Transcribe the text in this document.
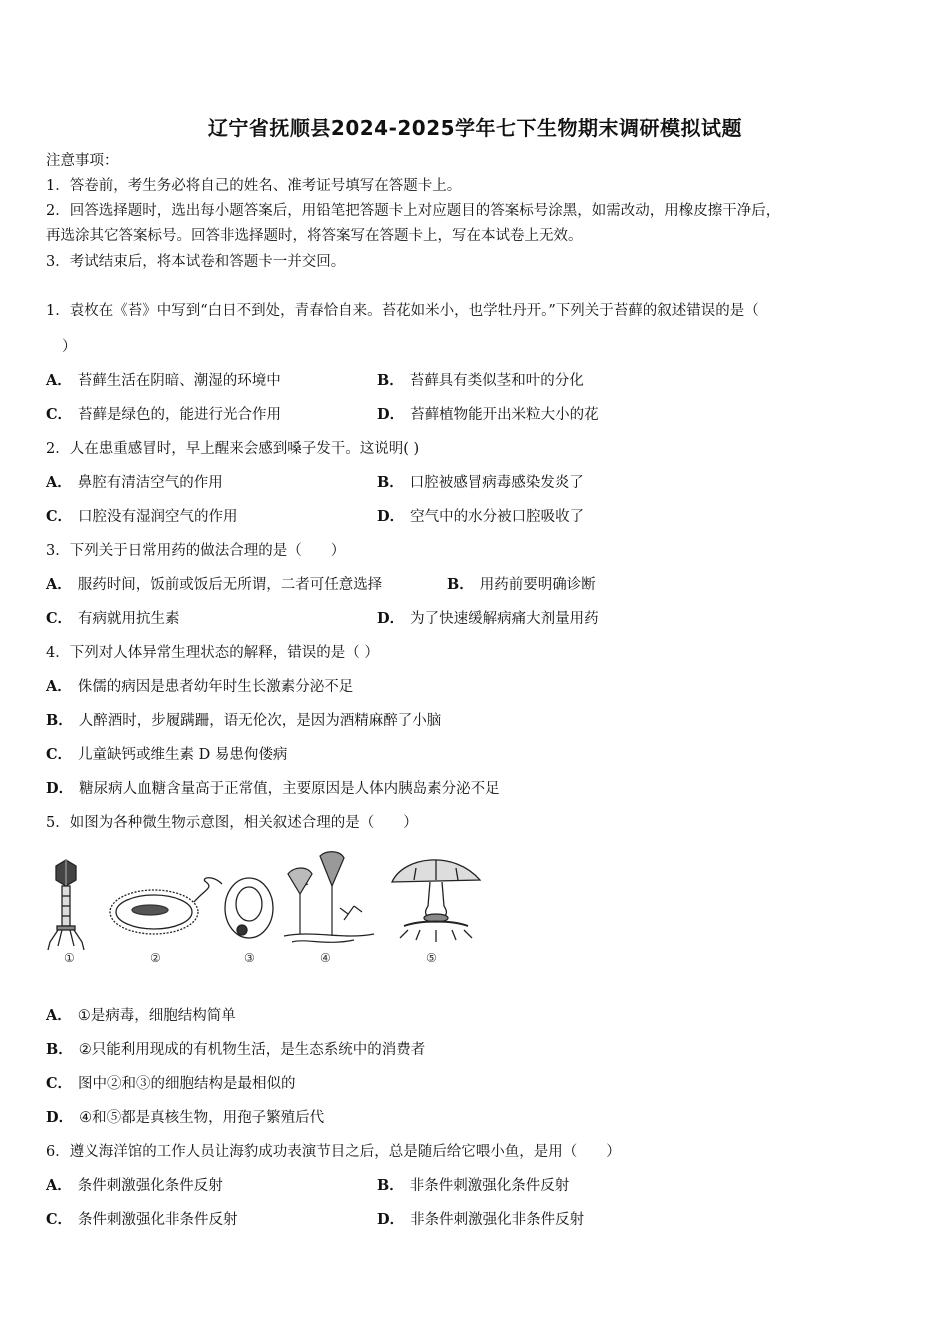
辽宁省抚顺县2024-2025学年七下生物期末调研模拟试题
注意事项：
1．答卷前，考生务必将自己的姓名、准考证号填写在答题卡上。
2．回答选择题时，选出每小题答案后，用铅笔把答题卡上对应题目的答案标号涂黑，如需改动，用橡皮擦干净后，
再选涂其它答案标号。回答非选择题时，将答案写在答题卡上，写在本试卷上无效。
3．考试结束后，将本试卷和答题卡一并交回。
1．袁枚在《苔》中写到“白日不到处，青春恰自来。苔花如米小，也学牡丹开。”下列关于苔藓的叙述错误的是（
）
A． 苔藓生活在阴暗、潮湿的环境中	B． 苔藓具有类似茎和叶的分化
C． 苔藓是绿色的，能进行光合作用	D． 苔藓植物能开出米粒大小的花
2．人在患重感冒时，早上醒来会感到嗓子发干。这说明( )
A． 鼻腔有清洁空气的作用	B． 口腔被感冒病毒感染发炎了
C． 口腔没有湿润空气的作用	D． 空气中的水分被口腔吸收了
3．下列关于日常用药的做法合理的是（　　）
A． 服药时间，饭前或饭后无所谓，二者可任意选择	B． 用药前要明确诊断
C． 有病就用抗生素	D． 为了快速缓解病痛大剂量用药
4．下列对人体异常生理状态的解释，错误的是（ ）
A． 侏儒的病因是患者幼年时生长激素分泌不足
B． 人醉酒时，步履蹒跚，语无伦次，是因为酒精麻醉了小脑
C． 儿童缺钙或维生素 D 易患佝偻病
D． 糖尿病人血糖含量高于正常值，主要原因是人体内胰岛素分泌不足
5．如图为各种微生物示意图，相关叙述合理的是（　　）
①	②	③	④	⑤
A． ①是病毒，细胞结构简单
B． ②只能利用现成的有机物生活，是生态系统中的消费者
C． 图中②和③的细胞结构是最相似的
D． ④和⑤都是真核生物，用孢子繁殖后代
6．遵义海洋馆的工作人员让海豹成功表演节目之后，总是随后给它喂小鱼，是用（　　）
A． 条件刺激强化条件反射	B． 非条件刺激强化条件反射
C． 条件刺激强化非条件反射	D． 非条件刺激强化非条件反射
